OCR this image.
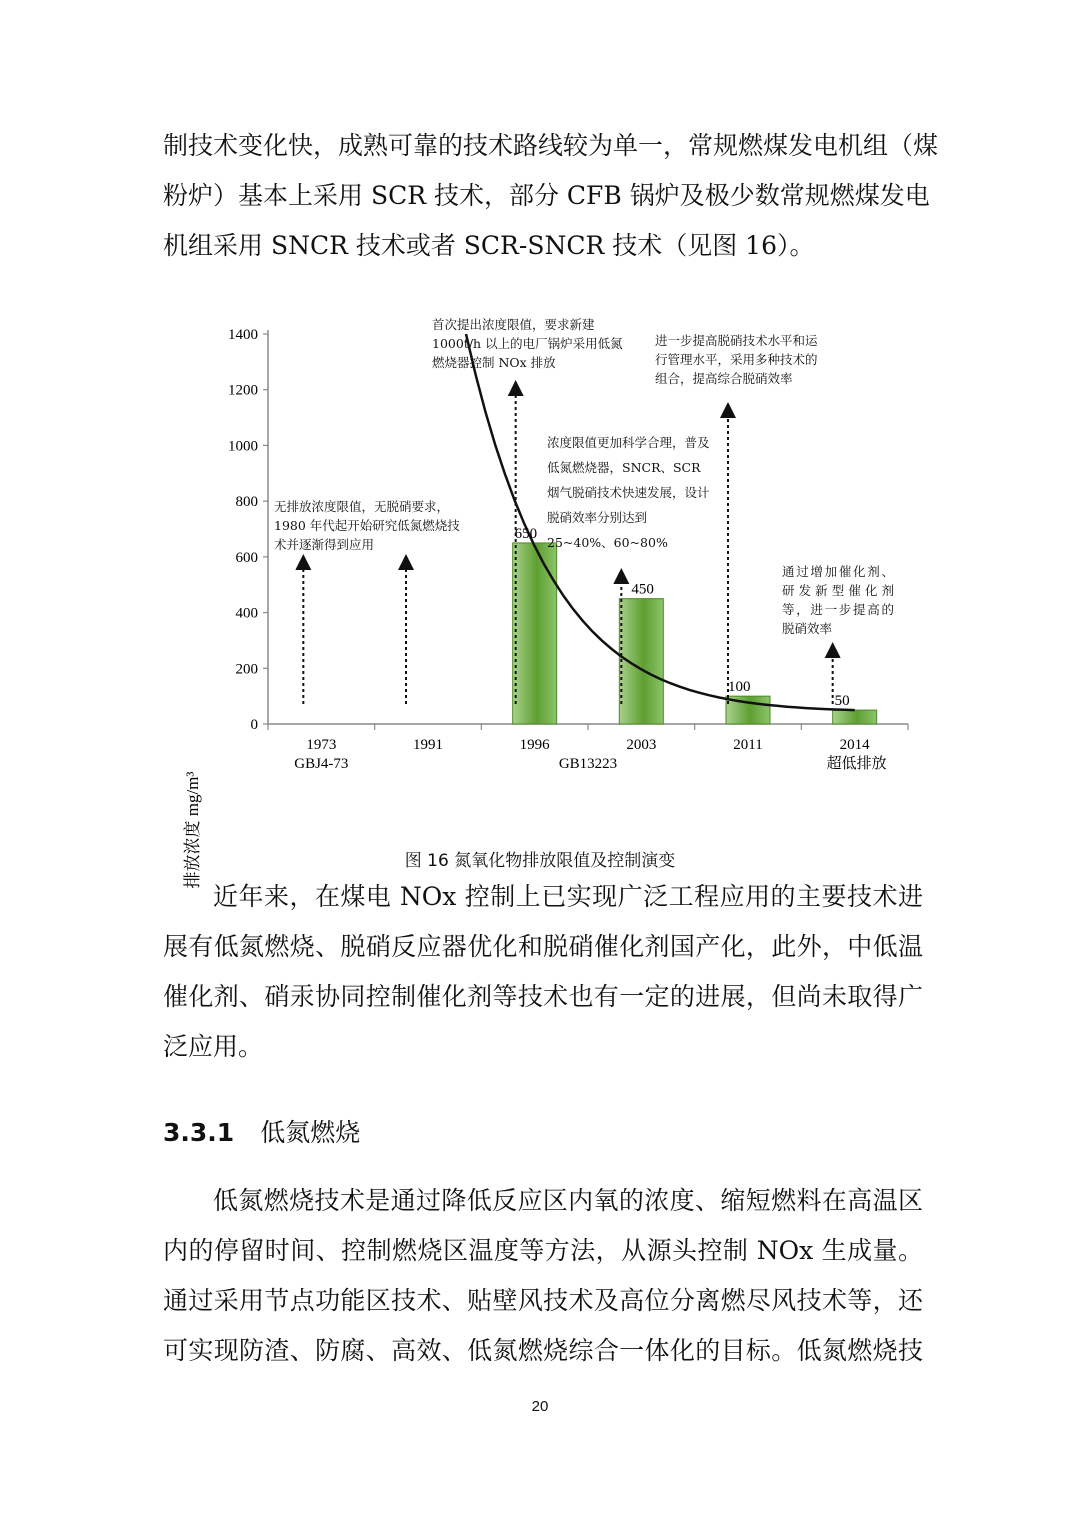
制技术变化快，成熟可靠的技术路线较为单一，常规燃煤发电机组（煤
粉炉）基本上采用 SCR 技术，部分 CFB 锅炉及极少数常规燃煤发电
机组采用 SNCR 技术或者 SCR-SNCR 技术（见图 16）。
0
200
400
600
800
1000
1200
1400
1973	1991	1996	2003	2011	2014
GBJ4-73	GB13223	超低排放
650
450
100
50
排放浓度 mg/m³
无排放浓度限值，无脱硝要求，1980 年代起开始研究低氮燃烧技术并逐渐得到应用
首次提出浓度限值，要求新建1000t/h 以上的电厂锅炉采用低氮燃烧器控制 NOx 排放
浓度限值更加科学合理，普及低氮燃烧器，SNCR、SCR 烟气脱硝技术快速发展，设计脱硝效率分别达到 25~40%、60~80%
进一步提高脱硝技术水平和运行管理水平，采用多种技术的组合，提高综合脱硝效率
通过增加催化剂、研发新型催化剂等，进一步提高的脱硝效率
图 16 氮氧化物排放限值及控制演变
近年来，在煤电 NOx 控制上已实现广泛工程应用的主要技术进
展有低氮燃烧、脱硝反应器优化和脱硝催化剂国产化，此外，中低温
催化剂、硝汞协同控制催化剂等技术也有一定的进展，但尚未取得广
泛应用。
3.3.1 低氮燃烧
低氮燃烧技术是通过降低反应区内氧的浓度、缩短燃料在高温区
内的停留时间、控制燃烧区温度等方法，从源头控制 NOx 生成量。
通过采用节点功能区技术、贴壁风技术及高位分离燃尽风技术等，还
可实现防渣、防腐、高效、低氮燃烧综合一体化的目标。低氮燃烧技
20
